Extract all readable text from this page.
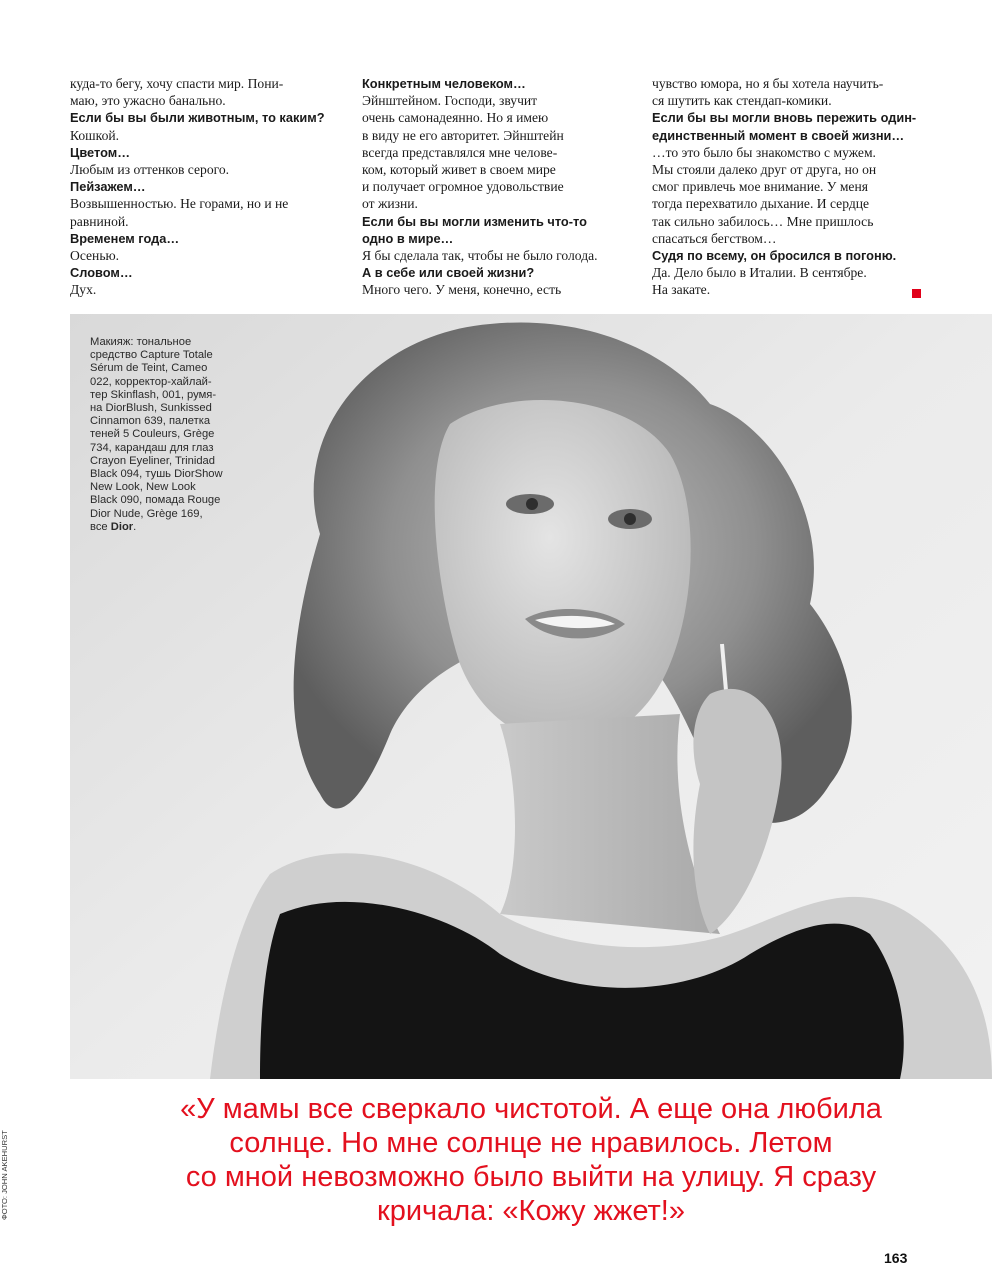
куда-то бегу, хочу спасти мир. Пони-

маю, это ужасно банально.

Если бы вы были животным, то каким?

Кошкой.

Цветом…

Любым из оттенков серого.

Пейзажем…

Возвышенностью. Не горами, но и не

равниной.

Временем года…

Осенью.

Словом…

Дух.

Конкретным человеком…

Эйнштейном. Господи, звучит

очень самонадеянно. Но я имею

в виду не его авторитет. Эйнштейн

всегда представлялся мне челове-

ком, который живет в своем мире

и получает огромное удовольствие

от жизни.

Если бы вы могли изменить что-то

одно в мире…

Я бы сделала так, чтобы не было голода.

А в себе или своей жизни?

Много чего. У меня, конечно, есть

чувство юмора, но я бы хотела научить-

ся шутить как стендап-комики.

Если бы вы могли вновь пережить один-

единственный момент в своей жизни…

…то это было бы знакомство с мужем.

Мы стояли далеко друг от друга, но он

смог привлечь мое внимание. У меня

тогда перехватило дыхание. И сердце

так сильно забилось… Мне пришлось

спасаться бегством…

Судя по всему, он бросился в погоню.

Да. Дело было в Италии. В сентябре.

На закате.

Макияж: тональное
средство Capture Totale
Sérum de Teint, Cameo
022, корректор-хайлай-
тер Skinflash, 001, румя-
на DiorBlush, Sunkissed
Cinnamon 639, палетка
теней 5 Couleurs, Grège
734, карандаш для глаз
Crayon Eyeliner, Trinidad
Black 094, тушь DiorShow
New Look, New Look
Black 090, помада Rouge
Dior Nude, Grège 169,
все Dior.
«У мамы все сверкало чистотой. А еще она любила
солнце. Но мне солнце не нравилось. Летом
со мной невозможно было выйти на улицу. Я сразу
кричала: «Кожу жжет!»
ФОТО: JOHN AKEHURST
163
